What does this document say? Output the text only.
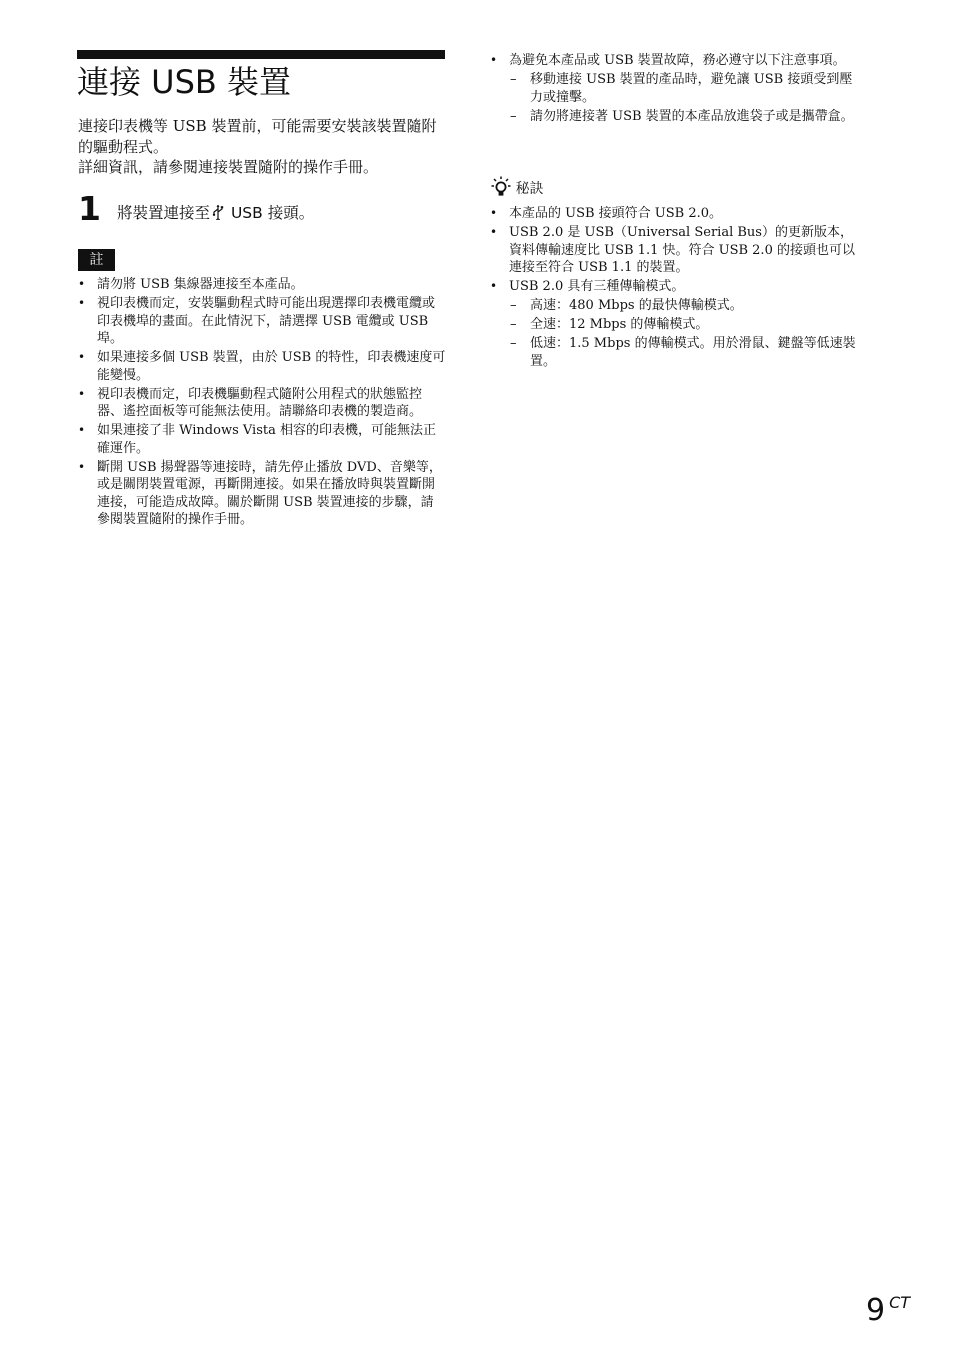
連接 USB 裝置

連接印表機等 USB 裝置前，可能需要安裝該裝置隨附的驅動程式。

詳細資訊，請參閱連接裝置隨附的操作手冊。

1 將裝置連接至 USB 接頭。
註
• 請勿將 USB 集線器連接至本產品。
• 視印表機而定，安裝驅動程式時可能出現選擇印表機電纜或印表機埠的畫面。在此情況下，請選擇 USB 電纜或 USB 埠。
• 如果連接多個 USB 裝置，由於 USB 的特性，印表機速度可能變慢。
• 視印表機而定，印表機驅動程式隨附公用程式的狀態監控器、遙控面板等可能無法使用。請聯絡印表機的製造商。
• 如果連接了非 Windows Vista 相容的印表機，可能無法正確運作。
• 斷開 USB 揚聲器等連接時，請先停止播放 DVD、音樂等，或是關閉裝置電源，再斷開連接。如果在播放時與裝置斷開連接，可能造成故障。關於斷開 USB 裝置連接的步驟，請參閱裝置隨附的操作手冊。
• 為避免本產品或 USB 裝置故障，務必遵守以下注意事項。
– 移動連接 USB 裝置的產品時，避免讓 USB 接頭受到壓力或撞擊。
– 請勿將連接著 USB 裝置的本產品放進袋子或是攜帶盒。
秘訣
• 本產品的 USB 接頭符合 USB 2.0。
• USB 2.0 是 USB（Universal Serial Bus）的更新版本，資料傳輸速度比 USB 1.1 快。符合 USB 2.0 的接頭也可以連接至符合 USB 1.1 的裝置。
• USB 2.0 具有三種傳輸模式。
– 高速：480 Mbps 的最快傳輸模式。
– 全速：12 Mbps 的傳輸模式。
– 低速：1.5 Mbps 的傳輸模式。用於滑鼠、鍵盤等低速裝置。
9 $^{CT}$
